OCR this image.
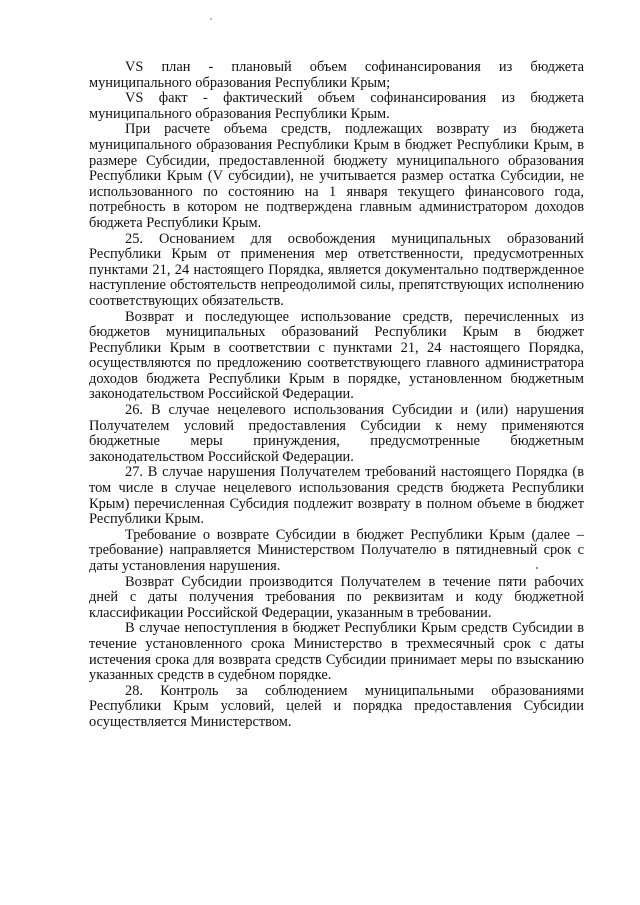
VS план - плановый объем софинансирования из бюджета муниципального образования Республики Крым;

VS факт - фактический объем софинансирования из бюджета муниципального образования Республики Крым.

При расчете объема средств, подлежащих возврату из бюджета муниципального образования Республики Крым в бюджет Республики Крым, в размере Субсидии, предоставленной бюджету муниципального образования Республики Крым (V субсидии), не учитывается размер остатка Субсидии, не использованного по состоянию на 1 января текущего финансового года, потребность в котором не подтверждена главным администратором доходов бюджета Республики Крым.

25. Основанием для освобождения муниципальных образований Республики Крым от применения мер ответственности, предусмотренных пунктами 21, 24 настоящего Порядка, является документально подтвержденное наступление обстоятельств непреодолимой силы, препятствующих исполнению соответствующих обязательств.

Возврат и последующее использование средств, перечисленных из бюджетов муниципальных образований Республики Крым в бюджет Республики Крым в соответствии с пунктами 21, 24 настоящего Порядка, осуществляются по предложению соответствующего главного администратора доходов бюджета Республики Крым в порядке, установленном бюджетным законодательством Российской Федерации.

26. В случае нецелевого использования Субсидии и (или) нарушения Получателем условий предоставления Субсидии к нему применяются бюджетные меры принуждения, предусмотренные бюджетным законодательством Российской Федерации.

27. В случае нарушения Получателем требований настоящего Порядка (в том числе в случае нецелевого использования средств бюджета Республики Крым) перечисленная Субсидия подлежит возврату в полном объеме в бюджет Республики Крым.

Требование о возврате Субсидии в бюджет Республики Крым (далее – требование) направляется Министерством Получателю в пятидневный срок с даты установления нарушения.

Возврат Субсидии производится Получателем в течение пяти рабочих дней с даты получения требования по реквизитам и коду бюджетной классификации Российской Федерации, указанным в требовании.

В случае непоступления в бюджет Республики Крым средств Субсидии в течение установленного срока Министерство в трехмесячный срок с даты истечения срока для возврата средств Субсидии принимает меры по взысканию указанных средств в судебном порядке.

28. Контроль за соблюдением муниципальными образованиями Республики Крым условий, целей и порядка предоставления Субсидии осуществляется Министерством.
